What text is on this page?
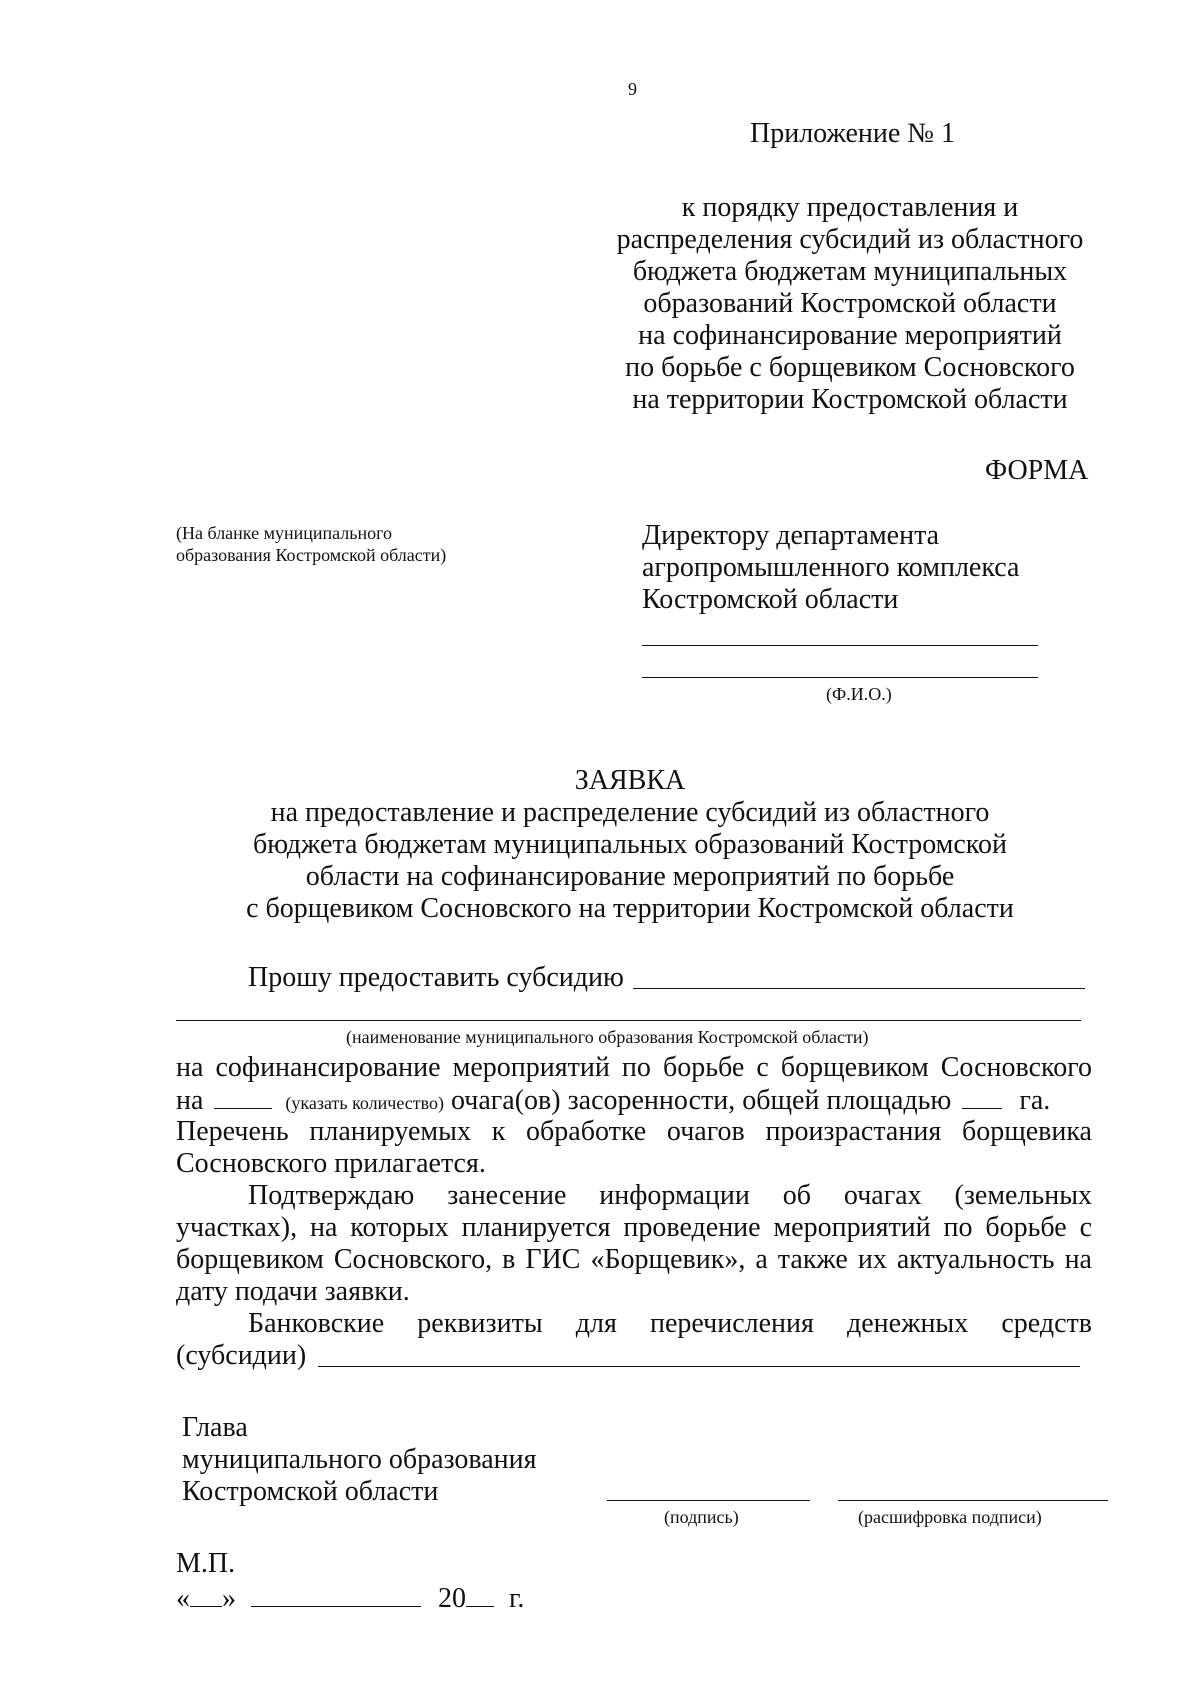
9
Приложение № 1
к порядку предоставления и
распределения субсидий из областного
бюджета бюджетам муниципальных
образований Костромской области
на софинансирование мероприятий
по борьбе с борщевиком Сосновского
на территории Костромской области
ФОРМА
(На бланке муниципального
образования Костромской области)
Директору департамента
агропромышленного комплекса
Костромской области
(Ф.И.О.)
ЗАЯВКА
на предоставление и распределение субсидий из областного
бюджета бюджетам муниципальных образований Костромской
области на софинансирование мероприятий по борьбе
с борщевиком Сосновского на территории Костромской области
Прошу предоставить субсидию
(наименование муниципального образования Костромской области)
на софинансирование мероприятий по борьбе с борщевиком Сосновского
на	(указать количество) очага(ов) засоренности, общей площадью га.
Перечень планируемых к обработке очагов произрастания борщевика
Сосновского прилагается.
Подтверждаю занесение информации об очагах (земельных
участках), на которых планируется проведение мероприятий по борьбе с
борщевиком Сосновского, в ГИС «Борщевик», а также их актуальность на
дату подачи заявки.
Банковские реквизиты для перечисления денежных средств
(субсидии)
Глава
муниципального образования
Костромской области
(подпись)	(расшифровка подписи)
М.П.
« »	20 г.
